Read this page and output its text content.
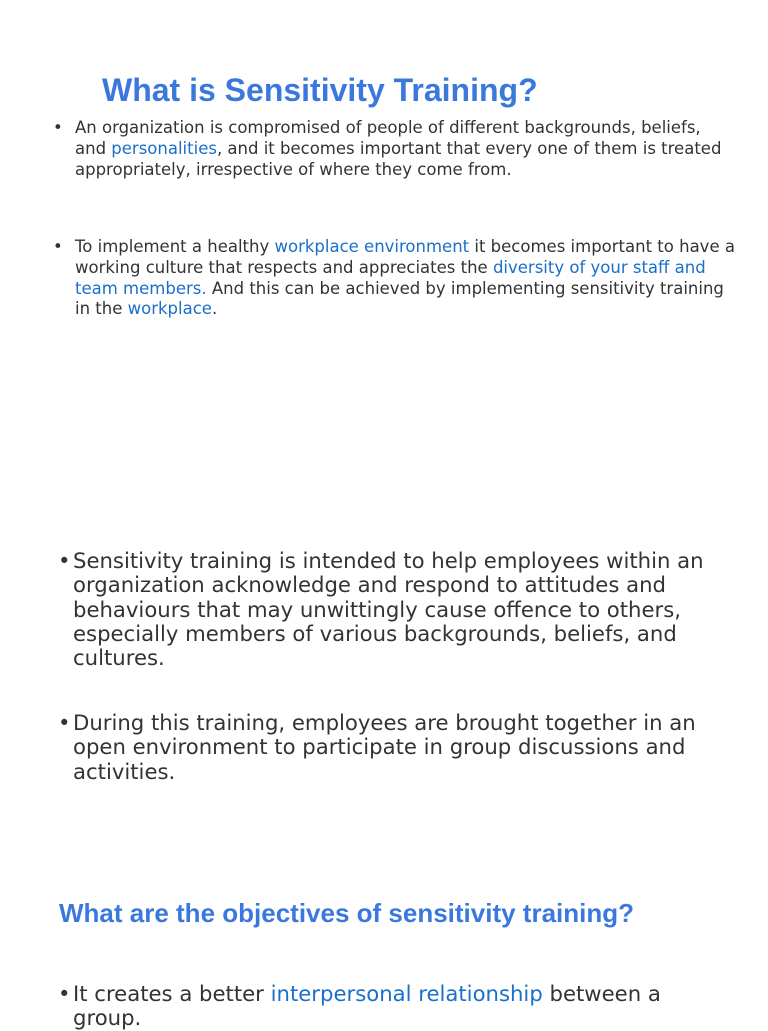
What is Sensitivity Training?

• An organization is compromised of people of different backgrounds, beliefs, and personalities, and it becomes important that every one of them is treated appropriately, irrespective of where they come from.

• To implement a healthy workplace environment it becomes important to have a working culture that respects and appreciates the diversity of your staff and team members. And this can be achieved by implementing sensitivity training in the workplace.

• Sensitivity training is intended to help employees within an organization acknowledge and respond to attitudes and behaviours that may unwittingly cause offence to others, especially members of various backgrounds, beliefs, and cultures.

• During this training, employees are brought together in an open environment to participate in group discussions and activities.

What are the objectives of sensitivity training?

• It creates a better interpersonal relationship between a group.
